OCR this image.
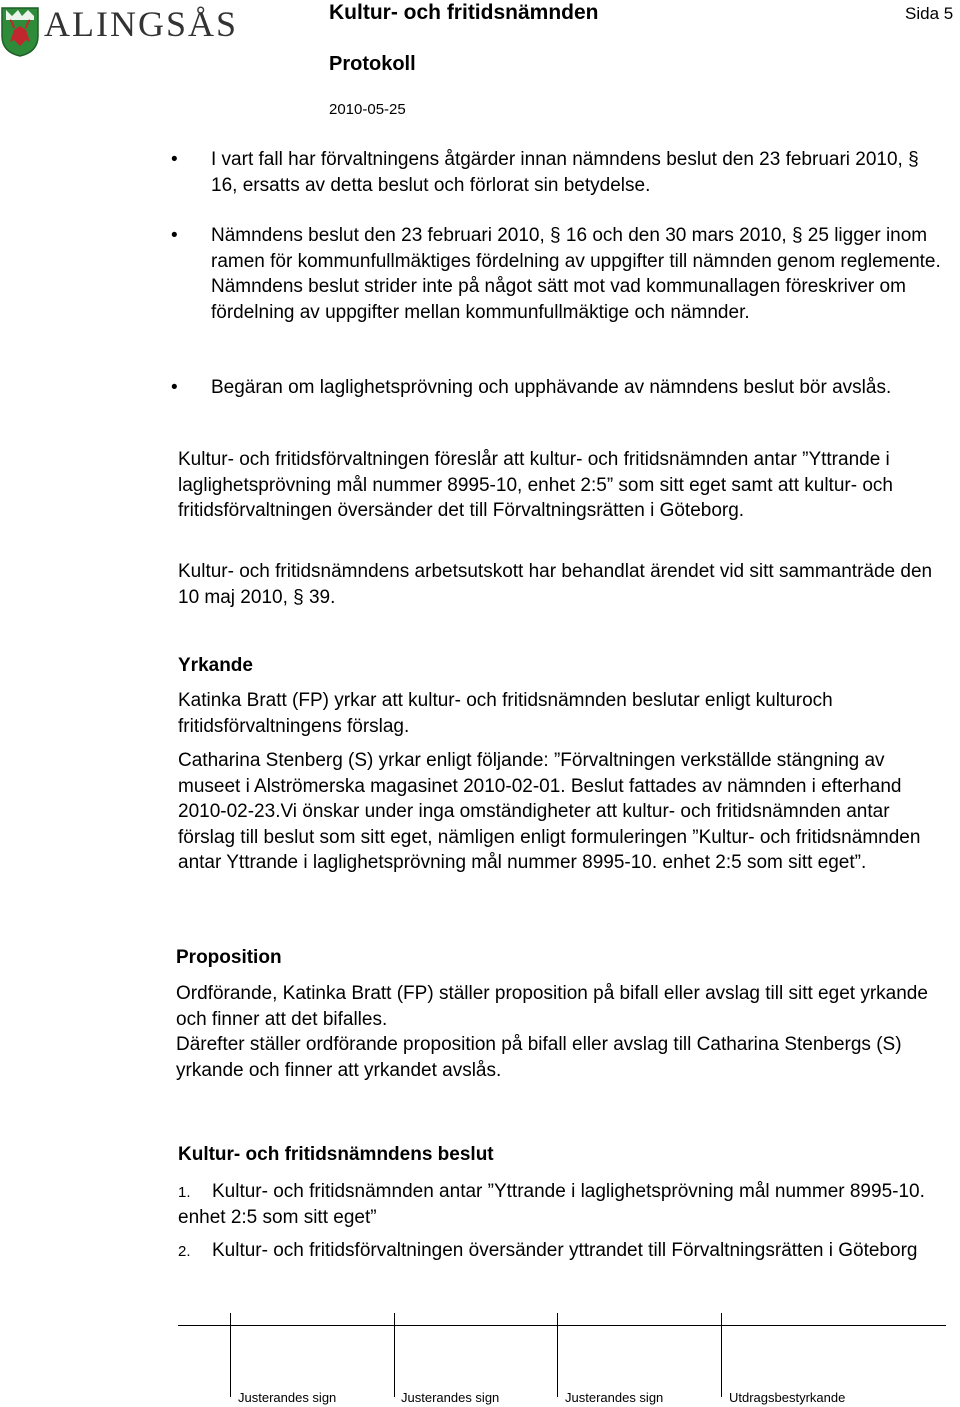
ALINGSÅS	Kultur- och fritidsnämnden	Sida 5
Protokoll
2010-05-25
• I vart fall har förvaltningens åtgärder innan nämndens beslut den 23 februari 2010, § 16, ersatts av detta beslut och förlorat sin betydelse.
• Nämndens beslut den 23 februari 2010, § 16 och den 30 mars 2010, § 25 ligger inom ramen för kommunfullmäktiges fördelning av uppgifter till nämnden genom reglemente. Nämndens beslut strider inte på något sätt mot vad kommunallagen föreskriver om fördelning av uppgifter mellan kommunfullmäktige och nämnder.
• Begäran om laglighetsprövning och upphävande av nämndens beslut bör avslås.
Kultur- och fritidsförvaltningen föreslår att kultur- och fritidsnämnden antar ”Yttrande i laglighetsprövning mål nummer 8995-10, enhet 2:5” som sitt eget samt att kultur- och fritidsförvaltningen översänder det till Förvaltningsrätten i Göteborg.
Kultur- och fritidsnämndens arbetsutskott har behandlat ärendet vid sitt sammanträde den 10 maj 2010, § 39.
Yrkande
Katinka Bratt (FP) yrkar att kultur- och fritidsnämnden beslutar enligt kulturoch fritidsförvaltningens förslag.
Catharina Stenberg (S) yrkar enligt följande: ”Förvaltningen verkställde stängning av museet i Alströmerska magasinet 2010-02-01. Beslut fattades av nämnden i efterhand 2010-02-23.Vi önskar under inga omständigheter att kultur- och fritidsnämnden antar förslag till beslut som sitt eget, nämligen enligt formuleringen ”Kultur- och fritidsnämnden antar Yttrande i laglighetsprövning mål nummer 8995-10. enhet 2:5 som sitt eget”.
Proposition
Ordförande, Katinka Bratt (FP) ställer proposition på bifall eller avslag till sitt eget yrkande och finner att det bifalles.
Därefter ställer ordförande proposition på bifall eller avslag till Catharina Stenbergs (S) yrkande och finner att yrkandet avslås.
Kultur- och fritidsnämndens beslut
1.	Kultur- och fritidsnämnden antar ”Yttrande i laglighetsprövning mål nummer 8995-10. enhet 2:5 som sitt eget”
2.	Kultur- och fritidsförvaltningen översänder yttrandet till Förvaltningsrätten i Göteborg
Justerandes sign	Justerandes sign	Justerandes sign	Utdragsbestyrkande
